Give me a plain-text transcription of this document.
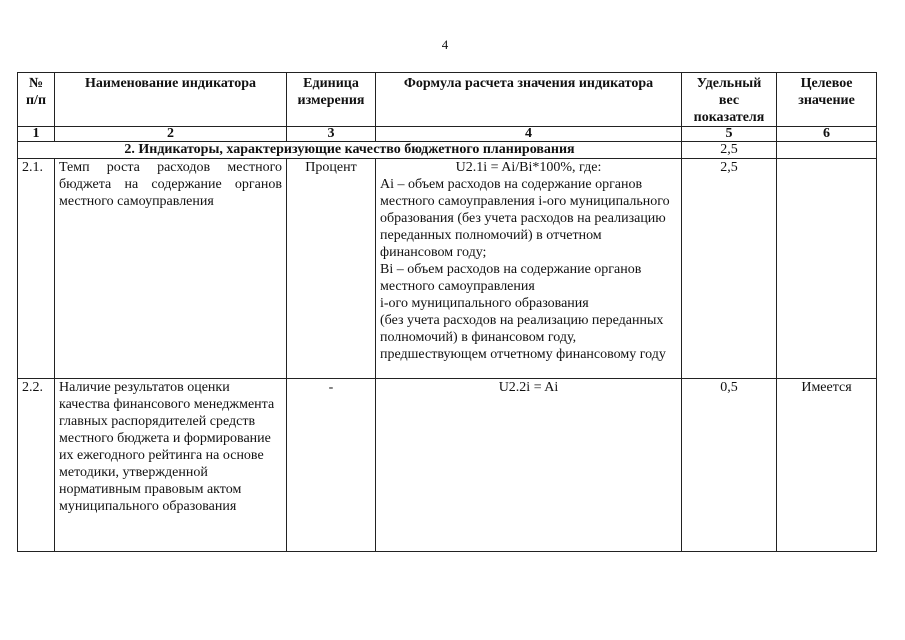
4
№ п/п	Наименование индикатора	Единица измерения	Формула расчета значения индикатора	Удельный вес показателя	Целевое значение
1	2	3	4	5	6
2. Индикаторы, характеризующие качество бюджетного планирования				2,5	
2.1.	Темп роста расходов местного бюджета на содержание органов местного самоуправления	Процент	U2.1i = Ai/Bi*100%, где:
Ai – объем расходов на содержание органов местного самоуправления i-ого муниципального образования (без учета расходов на реализацию переданных полномочий) в отчетном финансовом году;
Bi – объем расходов на содержание органов местного самоуправления
i-ого муниципального образования
(без учета расходов на реализацию переданных полномочий) в финансовом году, предшествующем отчетному финансовому году	2,5	
2.2.	Наличие результатов оценки качества финансового менеджмента главных распорядителей средств местного бюджета и формирование их ежегодного рейтинга на основе методики, утвержденной нормативным правовым актом муниципального образования	-	U2.2i = Ai	0,5	Имеется
